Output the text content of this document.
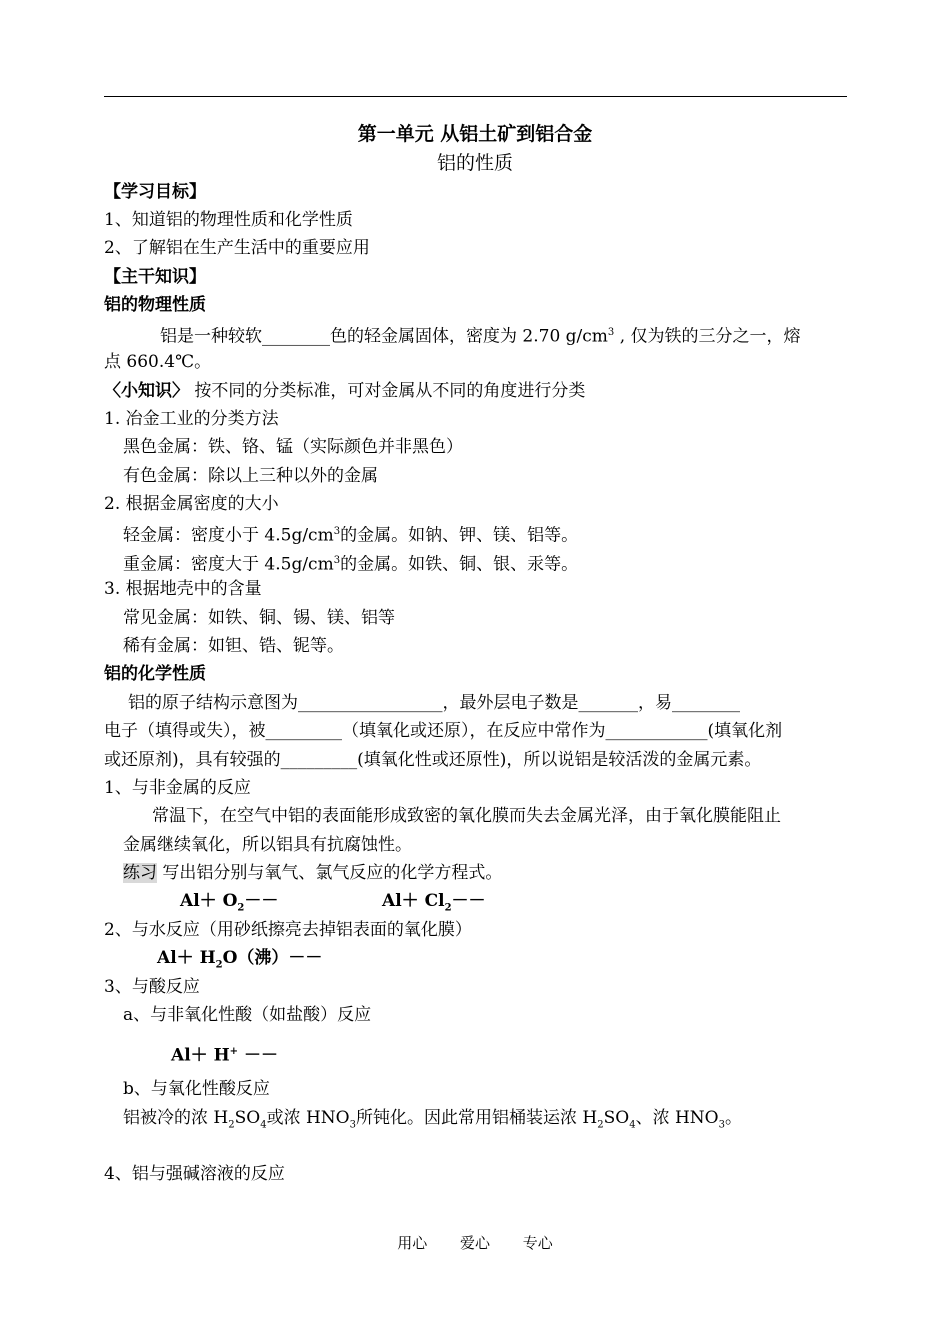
第一单元 从铝土矿到铝合金
铝的性质
【学习目标】
1、知道铝的物理性质和化学性质
2、了解铝在生产生活中的重要应用
【主干知识】
铝的物理性质
铝是一种较软________色的轻金属固体，密度为 2.70 $g/cm^3$ , 仅为铁的三分之一，熔
点 660.4℃。
〈小知识〉 按不同的分类标准，可对金属从不同的角度进行分类
1. 冶金工业的分类方法
黑色金属：铁、铬、锰（实际颜色并非黑色）
有色金属：除以上三种以外的金属
2. 根据金属密度的大小
轻金属：密度小于 $4.5g/cm^3$的金属。如钠、钾、镁、铝等。
重金属：密度大于 $4.5g/cm^3$的金属。如铁、铜、银、汞等。
3. 根据地壳中的含量
常见金属：如铁、铜、锡、镁、铝等
稀有金属：如钽、锆、铌等。
铝的化学性质
铝的原子结构示意图为_________________，最外层电子数是_______，易________
电子（填得或失），被_________（填氧化或还原），在反应中常作为____________(填氧化剂
或还原剂)，具有较强的_________(填氧化性或还原性)，所以说铝是较活泼的金属元素。
1、与非金属的反应
常温下，在空气中铝的表面能形成致密的氧化膜而失去金属光泽，由于氧化膜能阻止
金属继续氧化，所以铝具有抗腐蚀性。
练习 写出铝分别与氧气、氯气反应的化学方程式。
$Al+ O_2--$	$Al+ Cl_2--$
2、与水反应（用砂纸擦亮去掉铝表面的氧化膜）
$Al+ H_2O$（沸）－－
3、与酸反应
a、与非氧化性酸（如盐酸）反应
Al＋ H+ －－
b、与氧化性酸反应
铝被冷的浓 $H_2SO_4$或浓 $HNO_3$所钝化。因此常用铝桶装运浓 $H_2SO_4$、浓 $HNO_3$。
4、铝与强碱溶液的反应
用心 爱心 专心
